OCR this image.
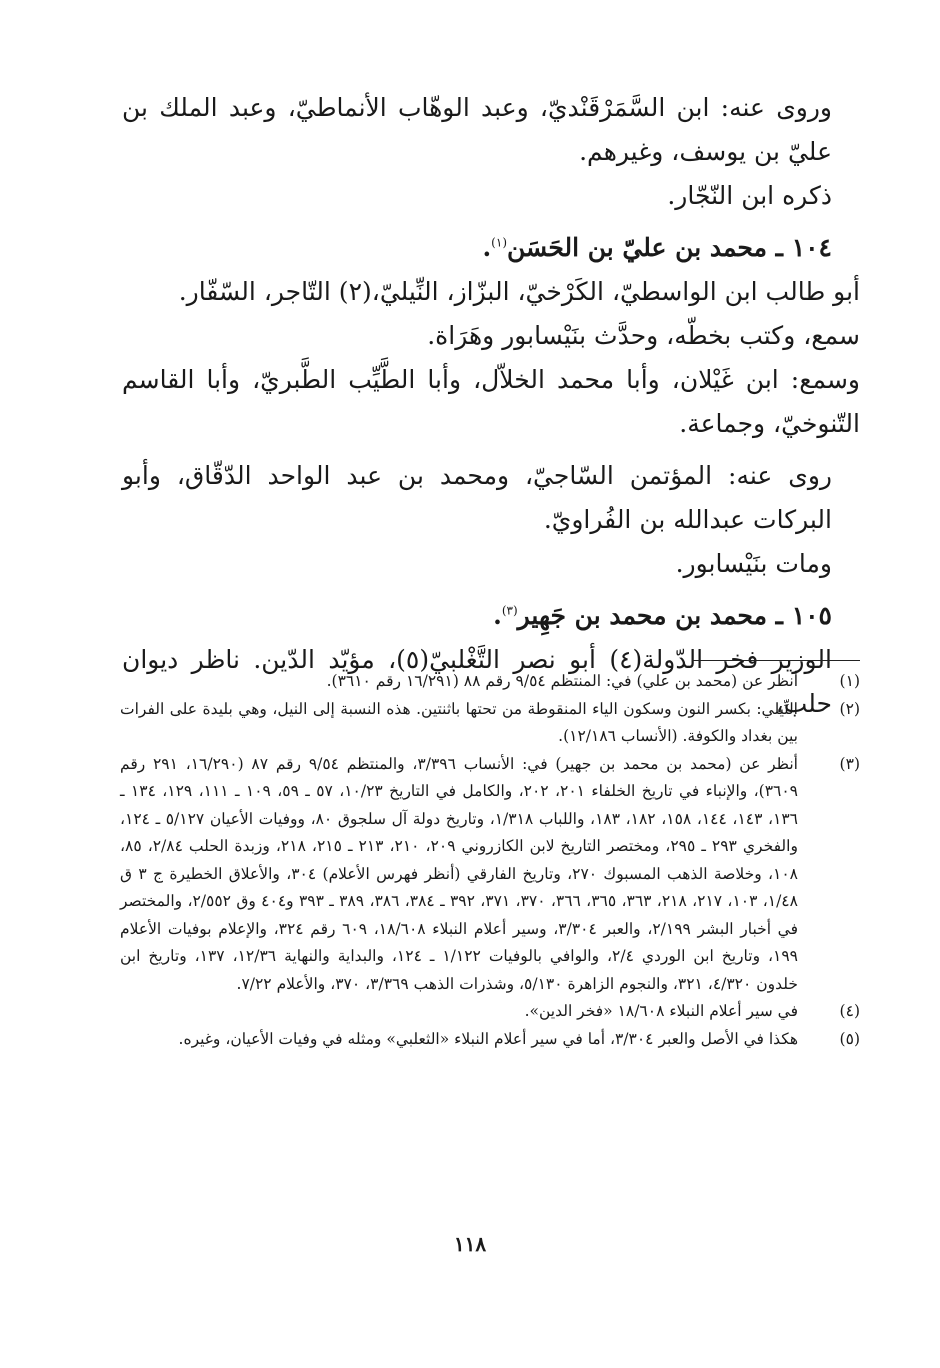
وروى عنه: ابن السَّمَرْقَنْديّ، وعبد الوهّاب الأنماطيّ، وعبد الملك بن عليّ بن يوسف، وغيرهم.

ذكره ابن النّجّار.

١٠٤ ـ محمد بن عليّ بن الحَسَن$^{(١)}$.

أبو طالب ابن الواسطيّ، الكَرْخيّ، البزّاز، النِّيليّ،(٢) التّاجر، السّفّار.

سمع، وكتب بخطّه، وحدَّث بنَيْسابور وهَرَاة.

وسمع: ابن غَيْلان، وأبا محمد الخلاّل، وأبا الطَّيِّب الطَّبريّ، وأبا القاسم التّنوخيّ، وجماعة.

روى عنه: المؤتمن السّاجيّ، ومحمد بن عبد الواحد الدّقّاق، وأبو البركات عبدالله بن الفُراويّ.

ومات بنَيْسابور.

١٠٥ ـ محمد بن محمد بن جَهِير$^{(٣)}$.

الوزير فخر الدّولة(٤) أبو نصر التَّغْلبيّ(٥)، مؤيّد الدّين. ناظر ديوان حلب،

(١)
أنظر عن (محمد بن علي) في: المنتظم ٩/٥٤ رقم ٨٨ (١٦/٢٩١ رقم ٣٦١٠).
(٢)
النِّيلي: بكسر النون وسكون الياء المنقوطة من تحتها باثنتين. هذه النسبة إلى النيل، وهي بليدة على الفرات بين بغداد والكوفة. (الأنساب ١٢/١٨٦).
(٣)
أنظر عن (محمد بن محمد بن جهير) في: الأنساب ٣/٣٩٦، والمنتظم ٩/٥٤ رقم ٨٧ (١٦/٢٩٠، ٢٩١ رقم ٣٦٠٩)، والإنباء في تاريخ الخلفاء ٢٠١، ٢٠٢، والكامل في التاريخ ١٠/٢٣، ٥٧ ـ ٥٩، ١٠٩ ـ ١١١، ١٢٩، ١٣٤ ـ ١٣٦، ١٤٣، ١٤٤، ١٥٨، ١٨٢، ١٨٣، واللباب ١/٣١٨، وتاريخ دولة آل سلجوق ٨٠، ووفيات الأعيان ٥/١٢٧ ـ ١٢٤، والفخري ٢٩٣ ـ ٢٩٥، ومختصر التاريخ لابن الكازروني ٢٠٩، ٢١٠، ٢١٣ ـ ٢١٥، ٢١٨، وزبدة الحلب ٢/٨٤، ٨٥، ١٠٨، وخلاصة الذهب المسبوك ٢٧٠، وتاريخ الفارقي (أنظر فهرس الأعلام) ٣٠٤، والأعلاق الخطيرة ج ٣ ق ١/٤٨، ١٠٣، ٢١٧، ٢١٨، ٣٦٣، ٣٦٥، ٣٦٦، ٣٧٠، ٣٧١، ٣٩٢ ـ ٣٨٤، ٣٨٦، ٣٨٩ ـ ٣٩٣ و٤٠٤ وق ٢/٥٥٢، والمختصر في أخبار البشر ٢/١٩٩، والعبر ٣/٣٠٤، وسير أعلام النبلاء ١٨/٦٠٨، ٦٠٩ رقم ٣٢٤، والإعلام بوفيات الأعلام ١٩٩، وتاريخ ابن الوردي ٢/٤، والوافي بالوفيات ١/١٢٢ ـ ١٢٤، والبداية والنهاية ١٢/٣٦، ١٣٧، وتاريخ ابن خلدون ٤/٣٢٠، ٣٢١، والنجوم الزاهرة ٥/١٣٠، وشذرات الذهب ٣/٣٦٩، ٣٧٠، والأعلام ٧/٢٢.
(٤)
في سير أعلام النبلاء ١٨/٦٠٨ «فخر الدين».
(٥)
هكذا في الأصل والعبر ٣/٣٠٤، أما في سير أعلام النبلاء «الثعلبي» ومثله في وفيات الأعيان، وغيره.
١١٨
